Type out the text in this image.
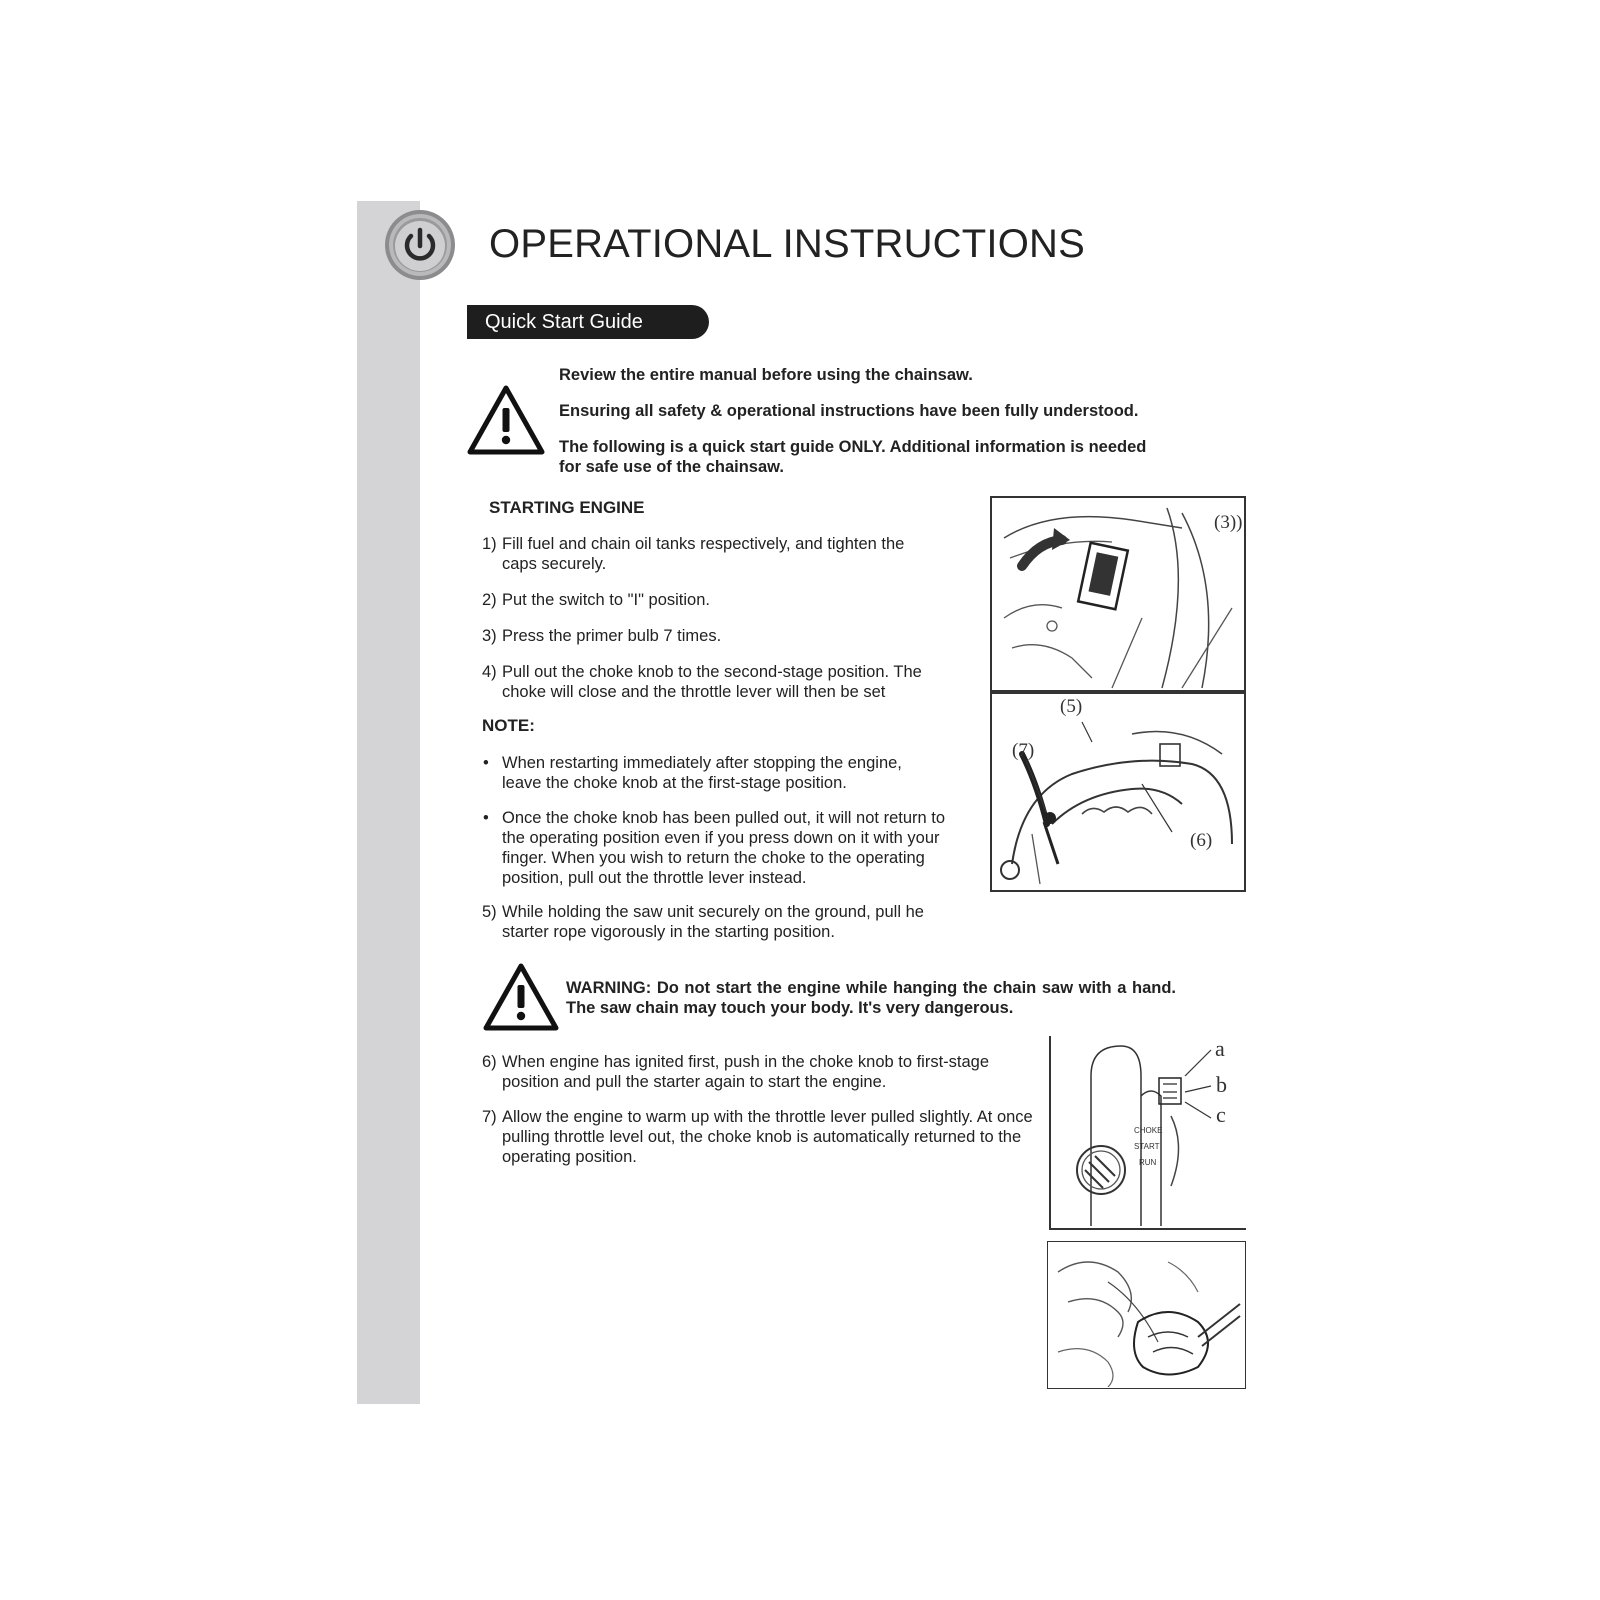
OPERATIONAL INSTRUCTIONS
Quick Start Guide
Review the entire manual before using the chainsaw.
Ensuring all safety & operational instructions have been fully understood.
The following is a quick start guide ONLY. Additional information is needed for safe use of the chainsaw.
STARTING ENGINE
1) Fill fuel and chain oil tanks respectively, and tighten the caps securely.
2) Put the switch to "I" position.
3) Press the primer bulb 7 times.
4) Pull out the choke knob to the second-stage position. The choke will close and the throttle lever will then be set
NOTE:
• When restarting immediately after stopping the engine, leave the choke knob at the first-stage position.
• Once the choke knob has been pulled out, it will not return to the operating position even if you press down on it with your finger. When you wish to return the choke to the operating position, pull out the throttle lever instead.
5) While holding the saw unit securely on the ground, pull he starter rope vigorously in the starting position.
WARNING: Do not start the engine while hanging the chain saw with a hand. The saw chain may touch your body. It's very dangerous.
6) When engine has ignited first, push in the choke knob to first-stage position and pull the starter again to start the engine.
7) Allow the engine to warm up with the throttle lever pulled slightly. At once pulling throttle level out, the choke knob is automatically returned to the operating position.
(3))
(5)
(7)
(6)
CHOKE
START
RUN
a
b
c
